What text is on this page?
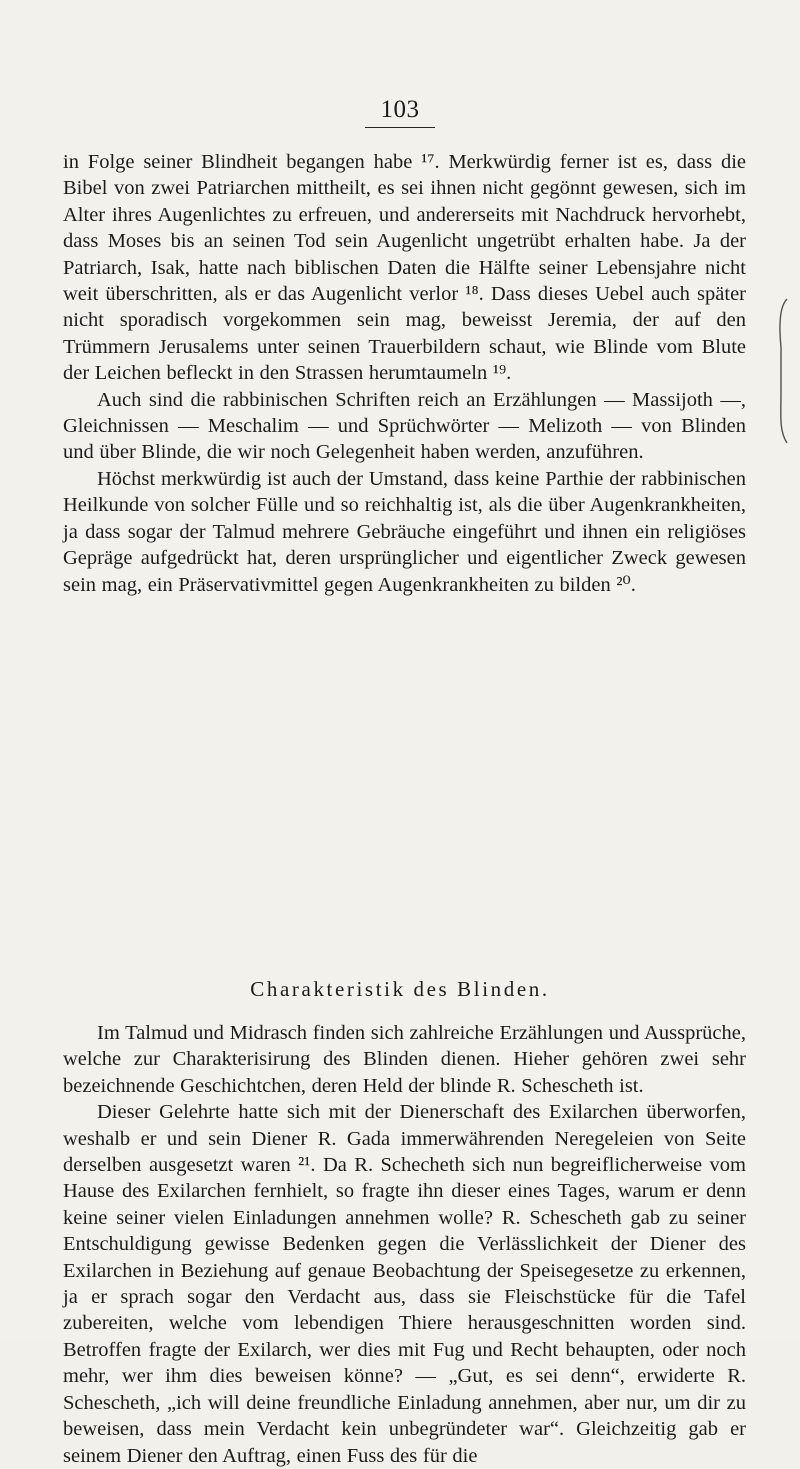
103

in Folge seiner Blindheit begangen habe ¹⁷. Merkwürdig ferner ist es, dass die Bibel von zwei Patriarchen mittheilt, es sei ihnen nicht gegönnt gewesen, sich im Alter ihres Augenlichtes zu erfreuen, und andererseits mit Nachdruck hervorhebt, dass Moses bis an seinen Tod sein Augenlicht ungetrübt erhalten habe. Ja der Patriarch, Isak, hatte nach biblischen Daten die Hälfte seiner Lebensjahre nicht weit überschritten, als er das Augenlicht verlor ¹⁸. Dass dieses Uebel auch später nicht sporadisch vorgekommen sein mag, beweisst Jeremia, der auf den Trümmern Jerusalems unter seinen Trauerbildern schaut, wie Blinde vom Blute der Leichen befleckt in den Strassen herumtaumeln ¹⁹.

Auch sind die rabbinischen Schriften reich an Erzählungen — Massijoth —, Gleichnissen — Meschalim — und Sprüchwörter — Melizoth — von Blinden und über Blinde, die wir noch Gelegenheit haben werden, anzuführen.

Höchst merkwürdig ist auch der Umstand, dass keine Parthie der rabbinischen Heilkunde von solcher Fülle und so reichhaltig ist, als die über Augenkrankheiten, ja dass sogar der Talmud mehrere Gebräuche eingeführt und ihnen ein religiöses Gepräge aufgedrückt hat, deren ursprünglicher und eigentlicher Zweck gewesen sein mag, ein Präservativmittel gegen Augenkrankheiten zu bilden ²⁰.

Charakteristik des Blinden.

Im Talmud und Midrasch finden sich zahlreiche Erzählungen und Aussprüche, welche zur Charakterisirung des Blinden dienen. Hieher gehören zwei sehr bezeichnende Geschichtchen, deren Held der blinde R. Schescheth ist.

Dieser Gelehrte hatte sich mit der Dienerschaft des Exilarchen überworfen, weshalb er und sein Diener R. Gada immerwährenden Neregeleien von Seite derselben ausgesetzt waren ²¹. Da R. Schecheth sich nun begreiflicherweise vom Hause des Exilarchen fernhielt, so fragte ihn dieser eines Tages, warum er denn keine seiner vielen Einladungen annehmen wolle? R. Schescheth gab zu seiner Entschuldigung gewisse Bedenken gegen die Verlässlichkeit der Diener des Exilarchen in Beziehung auf genaue Beobachtung der Speisegesetze zu erkennen, ja er sprach sogar den Verdacht aus, dass sie Fleischstücke für die Tafel zubereiten, welche vom lebendigen Thiere herausgeschnitten worden sind. Betroffen fragte der Exilarch, wer dies mit Fug und Recht behaupten, oder noch mehr, wer ihm dies beweisen könne? — „Gut, es sei denn“, erwiderte R. Schescheth, „ich will deine freundliche Einladung annehmen, aber nur, um dir zu beweisen, dass mein Verdacht kein unbegründeter war“. Gleichzeitig gab er seinem Diener den Auftrag, einen Fuss des für die
